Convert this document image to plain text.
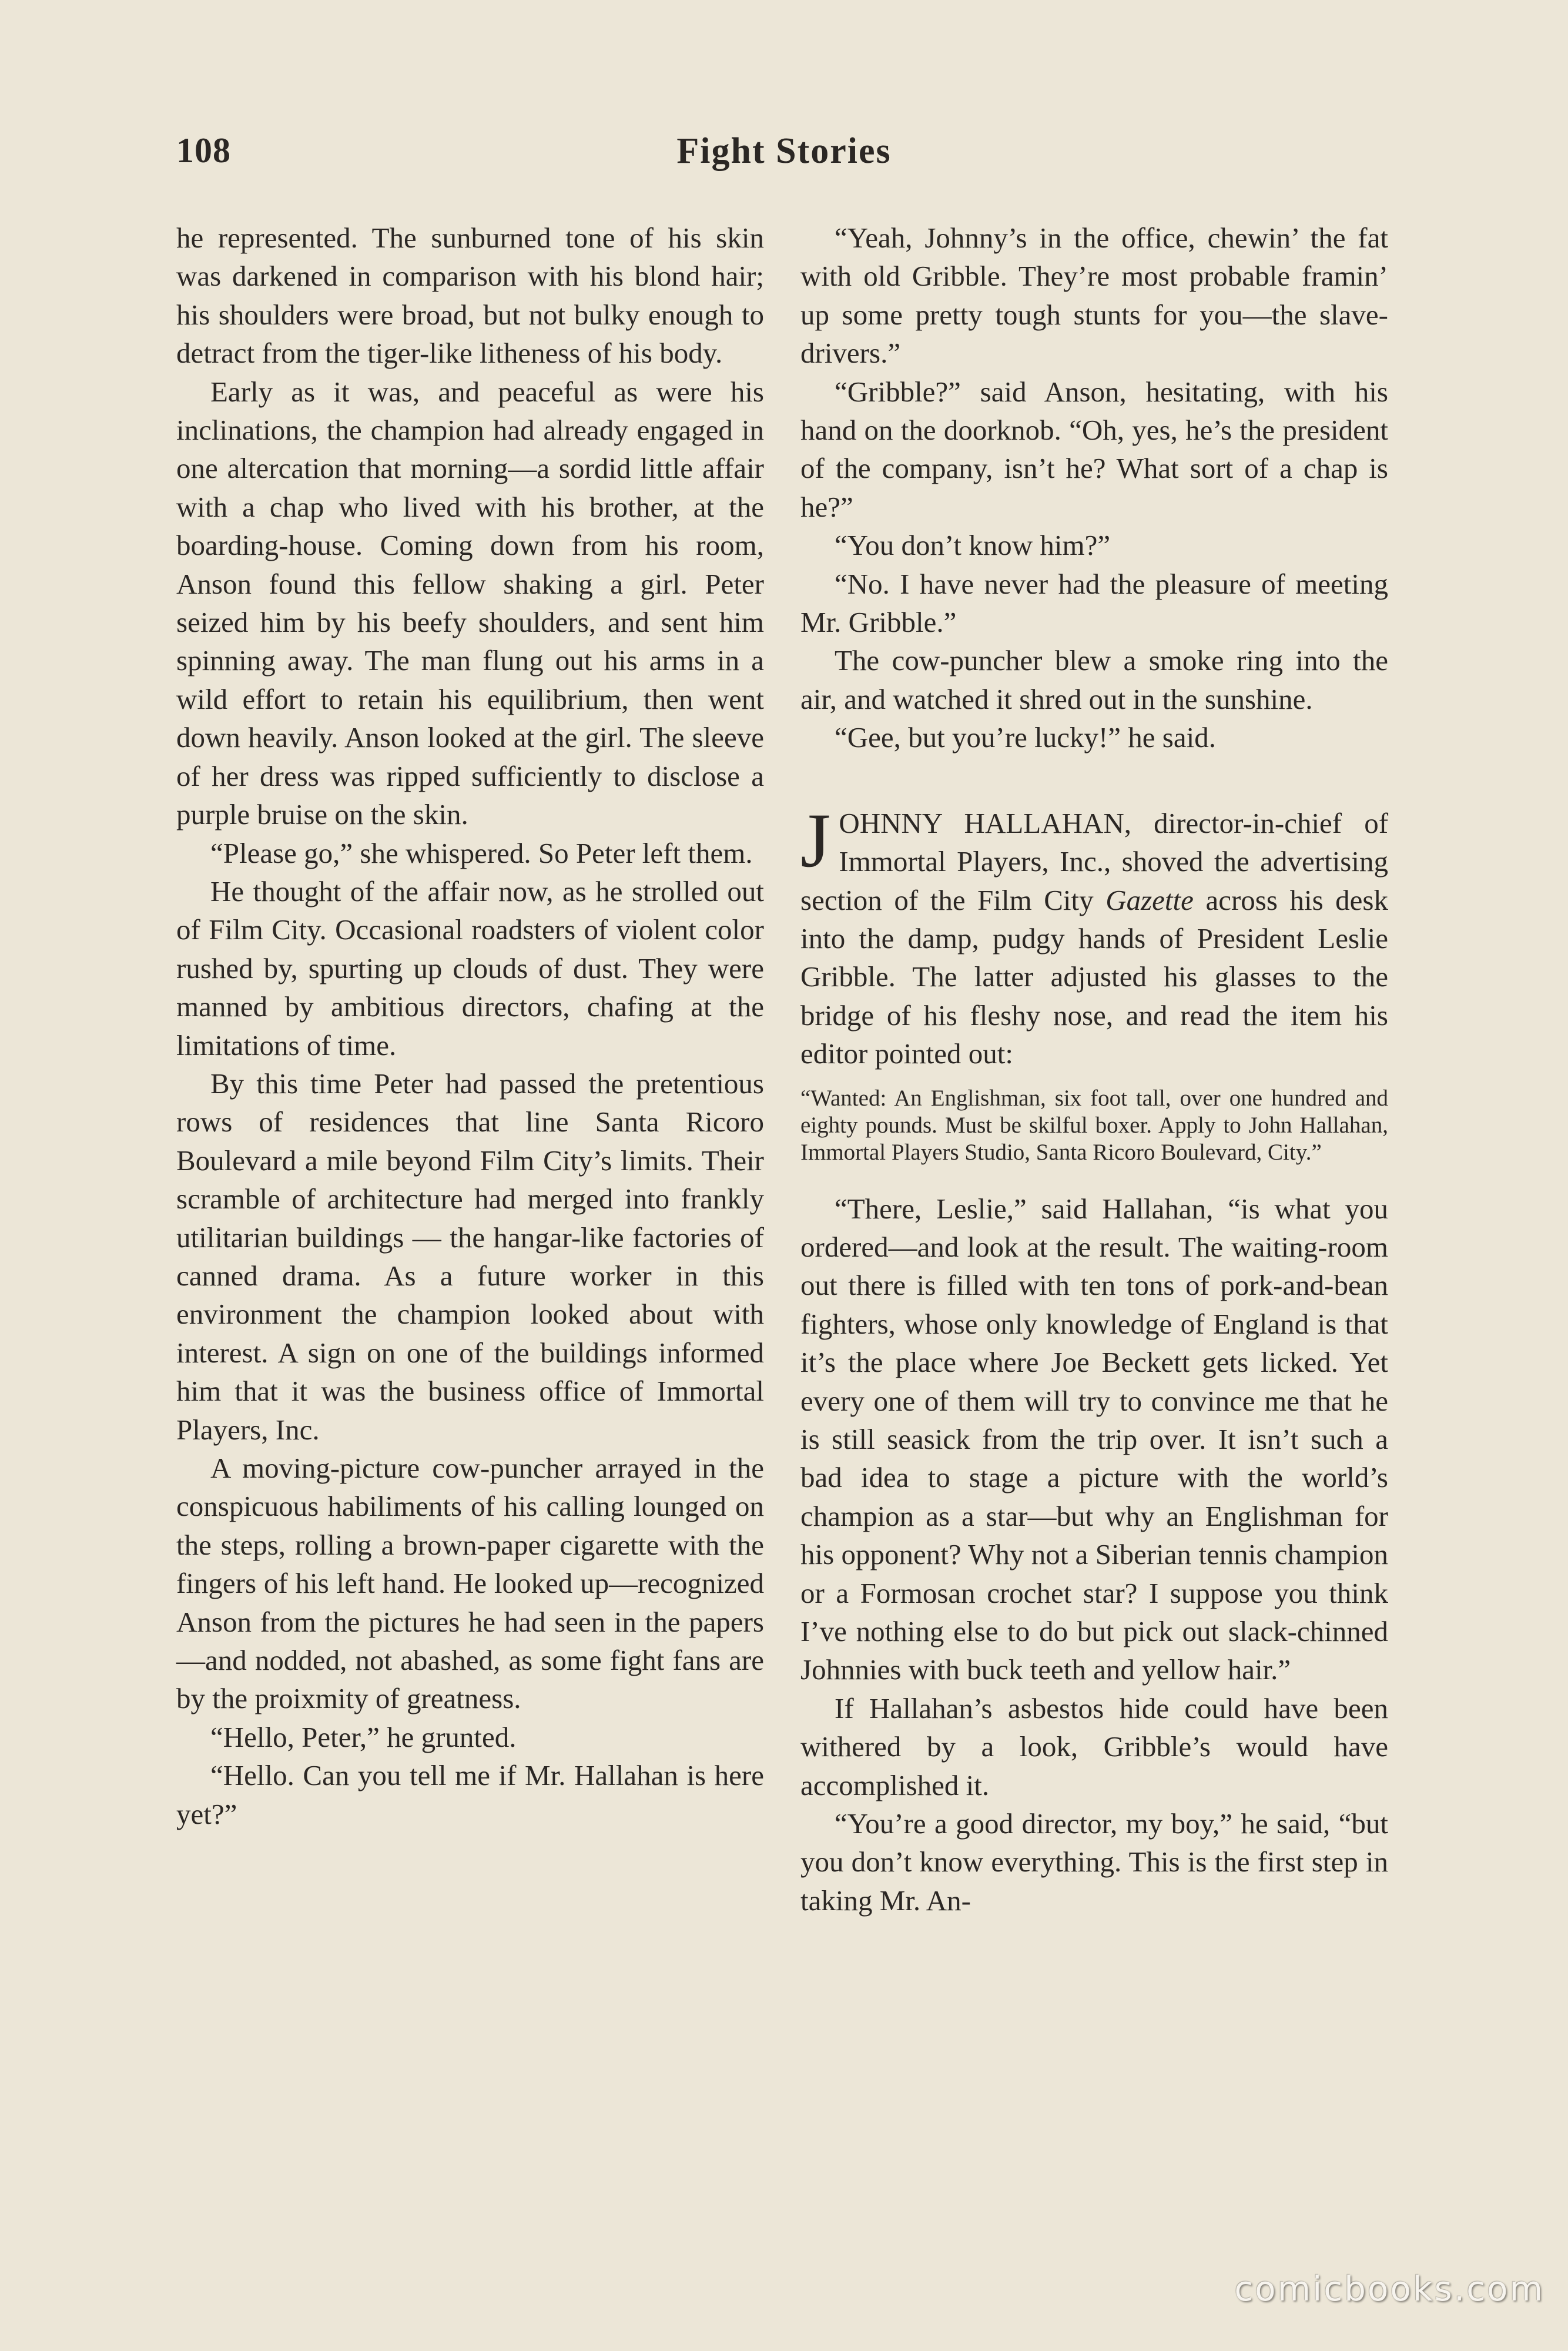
108	Fight Stories

he represented. The sunburned tone of his skin was darkened in comparison with his blond hair; his shoulders were broad, but not bulky enough to detract from the tiger-like litheness of his body.

Early as it was, and peaceful as were his inclinations, the champion had already engaged in one altercation that morning—a sordid little affair with a chap who lived with his brother, at the boarding-house. Coming down from his room, Anson found this fellow shaking a girl. Peter seized him by his beefy shoulders, and sent him spinning away. The man flung out his arms in a wild effort to retain his equilibrium, then went down heavily. Anson looked at the girl. The sleeve of her dress was ripped sufficiently to disclose a purple bruise on the skin.

“Please go,” she whispered. So Peter left them.

He thought of the affair now, as he strolled out of Film City. Occasional roadsters of violent color rushed by, spurting up clouds of dust. They were manned by ambitious directors, chafing at the limitations of time.

By this time Peter had passed the pretentious rows of residences that line Santa Ricoro Boulevard a mile beyond Film City’s limits. Their scramble of architecture had merged into frankly utilitarian buildings — the hangar-like factories of canned drama. As a future worker in this environment the champion looked about with interest. A sign on one of the buildings informed him that it was the business office of Immortal Players, Inc.

A moving-picture cow-puncher arrayed in the conspicuous habiliments of his calling lounged on the steps, rolling a brown-paper cigarette with the fingers of his left hand. He looked up—recognized Anson from the pictures he had seen in the papers—and nodded, not abashed, as some fight fans are by the proixmity of greatness.

“Hello, Peter,” he grunted.

“Hello. Can you tell me if Mr. Hallahan is here yet?”

“Yeah, Johnny’s in the office, chewin’ the fat with old Gribble. They’re most probable framin’ up some pretty tough stunts for you—the slave-drivers.”

“Gribble?” said Anson, hesitating, with his hand on the doorknob. “Oh, yes, he’s the president of the company, isn’t he? What sort of a chap is he?”

“You don’t know him?”

“No. I have never had the pleasure of meeting Mr. Gribble.”

The cow-puncher blew a smoke ring into the air, and watched it shred out in the sunshine.

“Gee, but you’re lucky!” he said.

JOHNNY HALLAHAN, director-in-chief of Immortal Players, Inc., shoved the advertising section of the Film City Gazette across his desk into the damp, pudgy hands of President Leslie Gribble. The latter adjusted his glasses to the bridge of his fleshy nose, and read the item his editor pointed out:

“Wanted: An Englishman, six foot tall, over one hundred and eighty pounds. Must be skilful boxer. Apply to John Hallahan, Immortal Players Studio, Santa Ricoro Boulevard, City.”

“There, Leslie,” said Hallahan, “is what you ordered—and look at the result. The waiting-room out there is filled with ten tons of pork-and-bean fighters, whose only knowledge of England is that it’s the place where Joe Beckett gets licked. Yet every one of them will try to convince me that he is still seasick from the trip over. It isn’t such a bad idea to stage a picture with the world’s champion as a star—but why an Englishman for his opponent? Why not a Siberian tennis champion or a Formosan crochet star? I suppose you think I’ve nothing else to do but pick out slack-chinned Johnnies with buck teeth and yellow hair.”

If Hallahan’s asbestos hide could have been withered by a look, Gribble’s would have accomplished it.

“You’re a good director, my boy,” he said, “but you don’t know everything. This is the first step in taking Mr. An-

comicbooks.com
